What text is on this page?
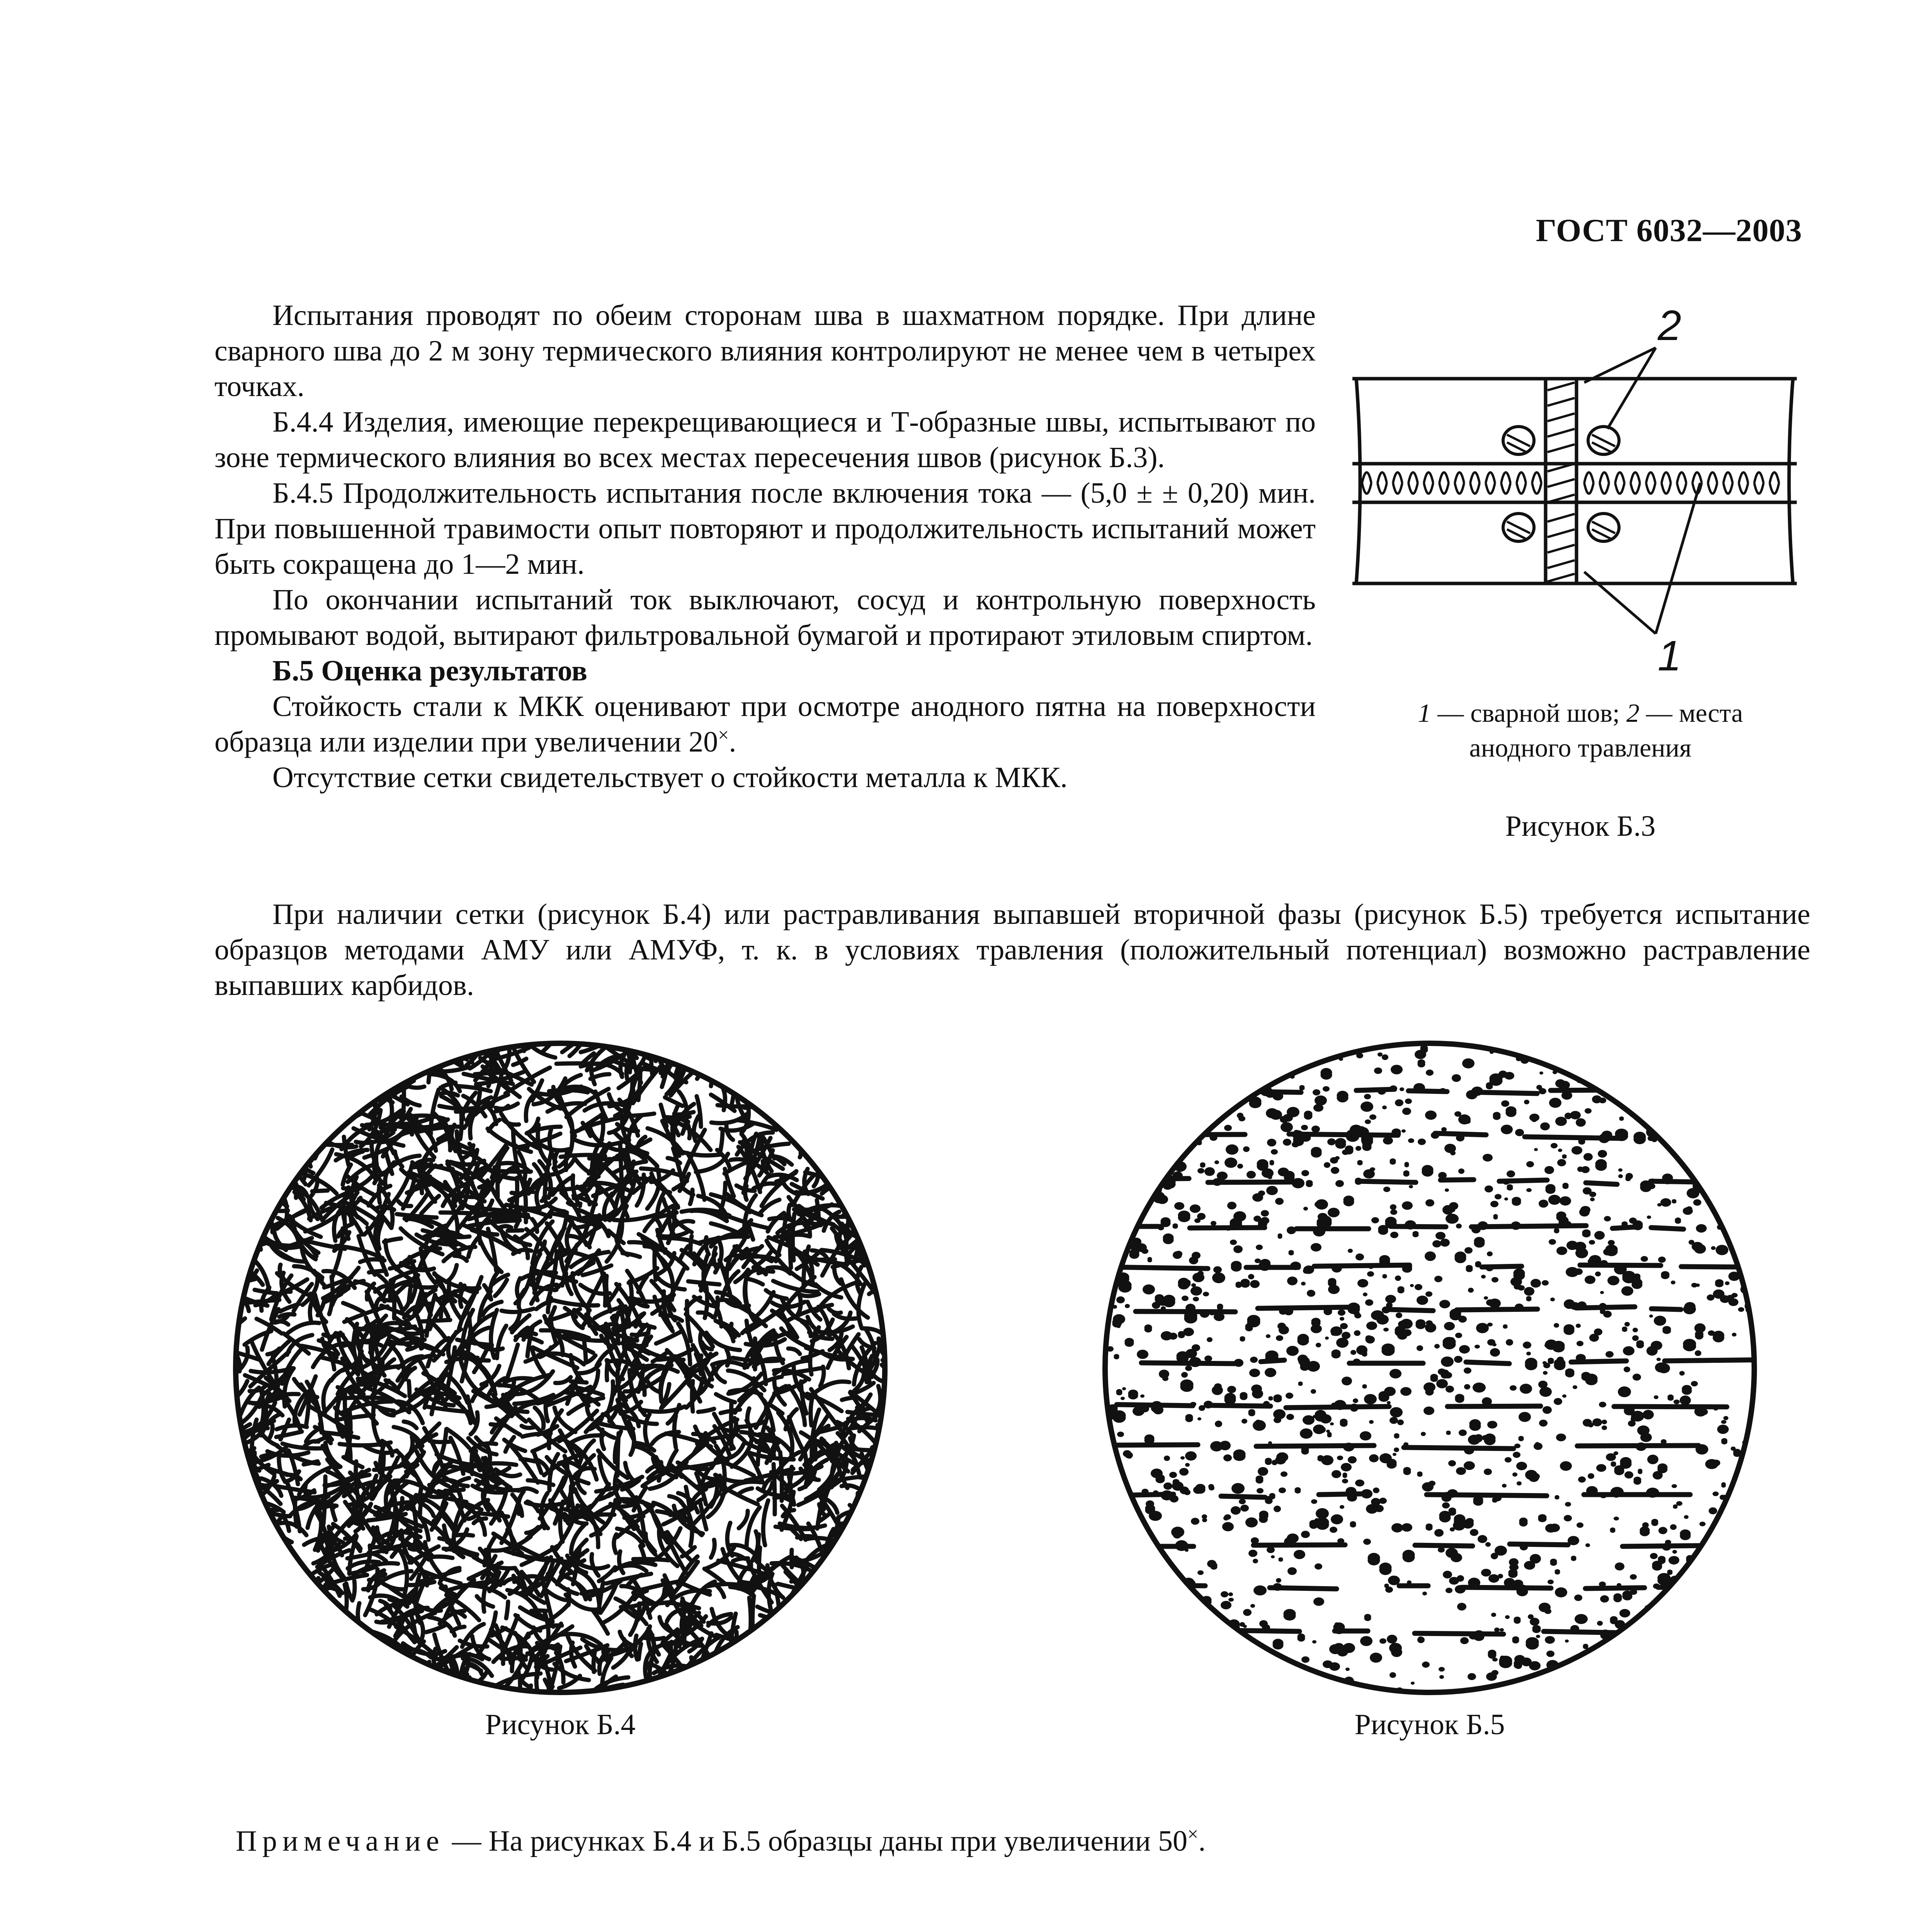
ГОСТ 6032—2003

Испытания проводят по обеим сторонам шва в шахматном порядке. При длине сварного шва до 2 м зону термического влияния контролируют не менее чем в четырех точках.

Б.4.4 Изделия, имеющие перекрещивающиеся и Т-образные швы, испытывают по зоне термического влияния во всех местах пересечения швов (рисунок Б.3).

Б.4.5 Продолжительность испытания после включения тока — (5,0 ± ± 0,20) мин. При повышенной травимости опыт повторяют и продолжительность испытаний может быть сокращена до 1—2 мин.

По окончании испытаний ток выключают, сосуд и контрольную поверхность промывают водой, вытирают фильтровальной бумагой и протирают этиловым спиртом.

Б.5 Оценка результатов

Стойкость стали к МКК оценивают при осмотре анодного пятна на поверхности образца или изделии при увеличении 20×.

Отсутствие сетки свидетельствует о стойкости металла к МКК.

При наличии сетки (рисунок Б.4) или растравливания выпавшей вторичной фазы (рисунок Б.5) требуется испытание образцов методами АМУ или АМУФ, т. к. в условиях травления (положительный потенциал) возможно растравление выпавших карбидов.

2
1
1 — сварной шов; 2 — места анодного травления
Рисунок Б.3
Рисунок Б.4	Рисунок Б.5
Примечание — На рисунках Б.4 и Б.5 образцы даны при увеличении 50×.
